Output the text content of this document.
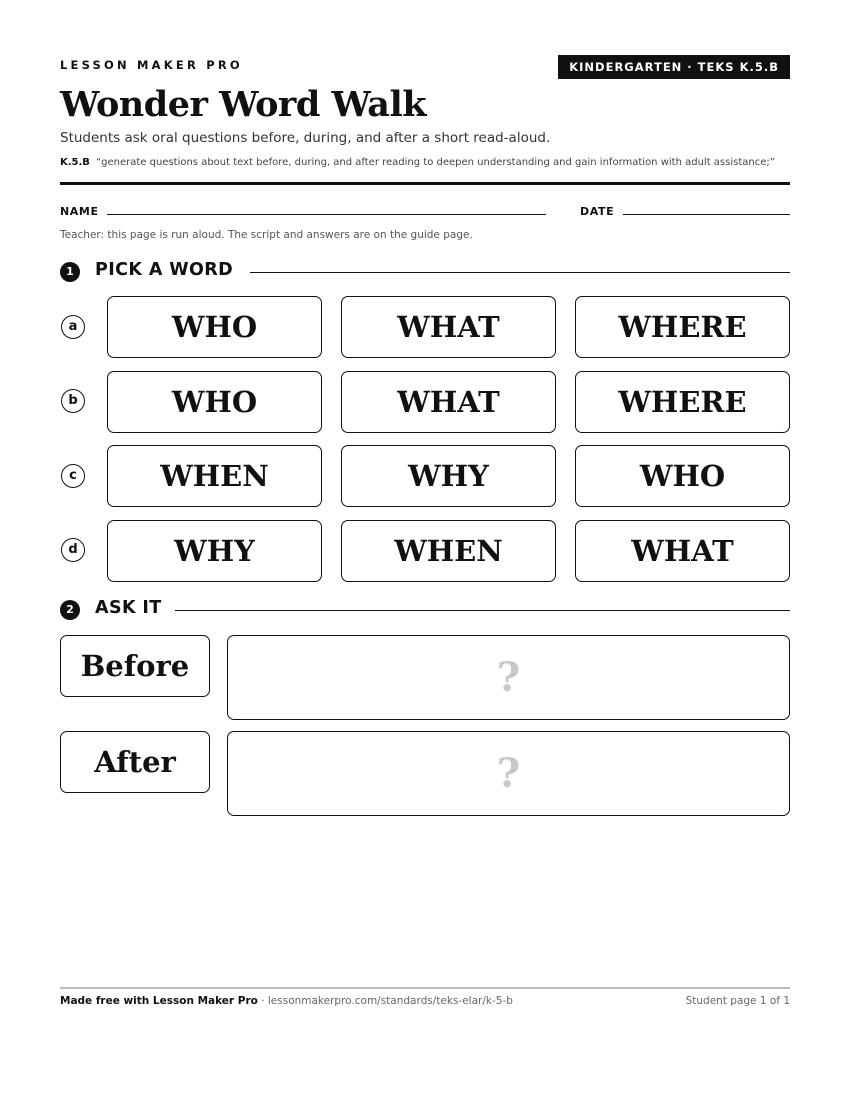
LESSON MAKER PRO	KINDERGARTEN · TEKS K.5.B
Wonder Word Walk
Students ask oral questions before, during, and after a short read-aloud.
K.5.B “generate questions about text before, during, and after reading to deepen understanding and gain information with adult assistance;”
NAME	DATE
Teacher: this page is run aloud. The script and answers are on the guide page.
1	PICK A WORD
a	WHO	WHAT	WHERE
b	WHO	WHAT	WHERE
c	WHEN	WHY	WHO
d	WHY	WHEN	WHAT
2	ASK IT
Before	?
After	?
Made free with Lesson Maker Pro · lessonmakerpro.com/standards/teks-elar/k-5-b	Student page 1 of 1
